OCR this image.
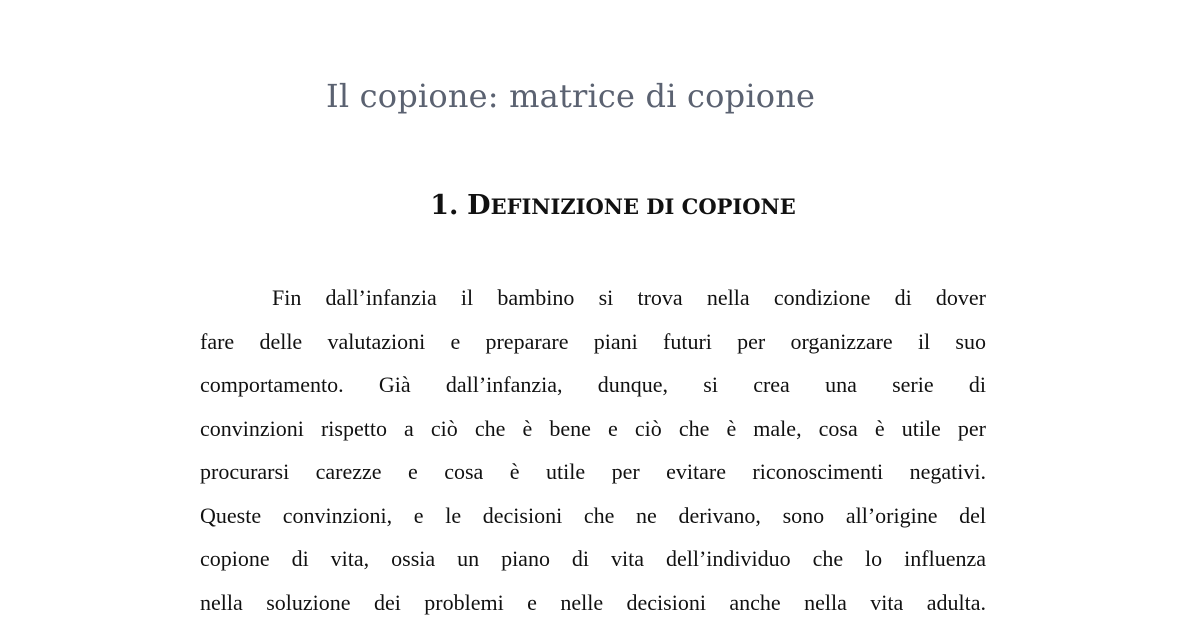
Il copione: matrice di copione
1. DEFINIZIONE DI COPIONE
Fin dall’infanzia il bambino si trova nella condizione di dover
fare delle valutazioni e preparare piani futuri per organizzare il suo
comportamento. Già dall’infanzia, dunque, si crea una serie di
convinzioni rispetto a ciò che è bene e ciò che è male, cosa è utile per
procurarsi carezze e cosa è utile per evitare riconoscimenti negativi.
Queste convinzioni, e le decisioni che ne derivano, sono all’origine del
copione di vita, ossia un piano di vita dell’individuo che lo influenza
nella soluzione dei problemi e nelle decisioni anche nella vita adulta.
